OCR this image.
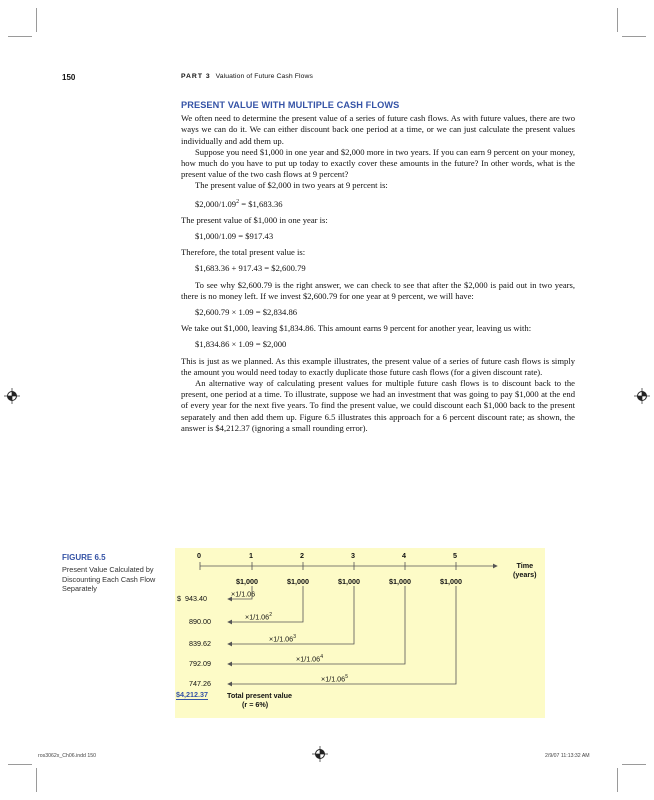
150	PART 3 Valuation of Future Cash Flows
PRESENT VALUE WITH MULTIPLE CASH FLOWS

We often need to determine the present value of a series of future cash flows. As with future values, there are two ways we can do it. We can either discount back one period at a time, or we can just calculate the present values individually and add them up.

Suppose you need $1,000 in one year and $2,000 more in two years. If you can earn 9 percent on your money, how much do you have to put up today to exactly cover these amounts in the future? In other words, what is the present value of the two cash flows at 9 percent?

The present value of $2,000 in two years at 9 percent is:

$\$2,000/1.09^2$ = $1,683.36

The present value of $1,000 in one year is:

$1,000/1.09 = $917.43

Therefore, the total present value is:

$1,683.36 + 917.43 = $2,600.79

To see why $2,600.79 is the right answer, we can check to see that after the $2,000 is paid out in two years, there is no money left. If we invest $2,600.79 for one year at 9 percent, we will have:

$2,600.79 × 1.09 = $2,834.86

We take out $1,000, leaving $1,834.86. This amount earns 9 percent for another year, leaving us with:

$1,834.86 × 1.09 = $2,000

This is just as we planned. As this example illustrates, the present value of a series of future cash flows is simply the amount you would need today to exactly duplicate those future cash flows (for a given discount rate).

An alternative way of calculating present values for multiple future cash flows is to discount back to the present, one period at a time. To illustrate, suppose we had an investment that was going to pay $1,000 at the end of every year for the next five years. To find the present value, we could discount each $1,000 back to the present separately and then add them up. Figure 6.5 illustrates this approach for a 6 percent discount rate; as shown, the answer is $4,212.37 (ignoring a small rounding error).

FIGURE 6.5
Present Value Calculated by Discounting Each Cash Flow Separately
0	1	2	3	4	5
Time
(years)
$1,000	$1,000	$1,000	$1,000	$1,000
$ 943.40
890.00
839.62
792.09
747.26
×1/1.06
$\times 1/1.06^2$
$\times 1/1.06^3$
$\times 1/1.06^4$
$\times 1/1.06^5$
$4,212.37	Total present value
(r = 6%)
ros3062x_Ch06.indd 150	2/9/07 11:13:32 AM
